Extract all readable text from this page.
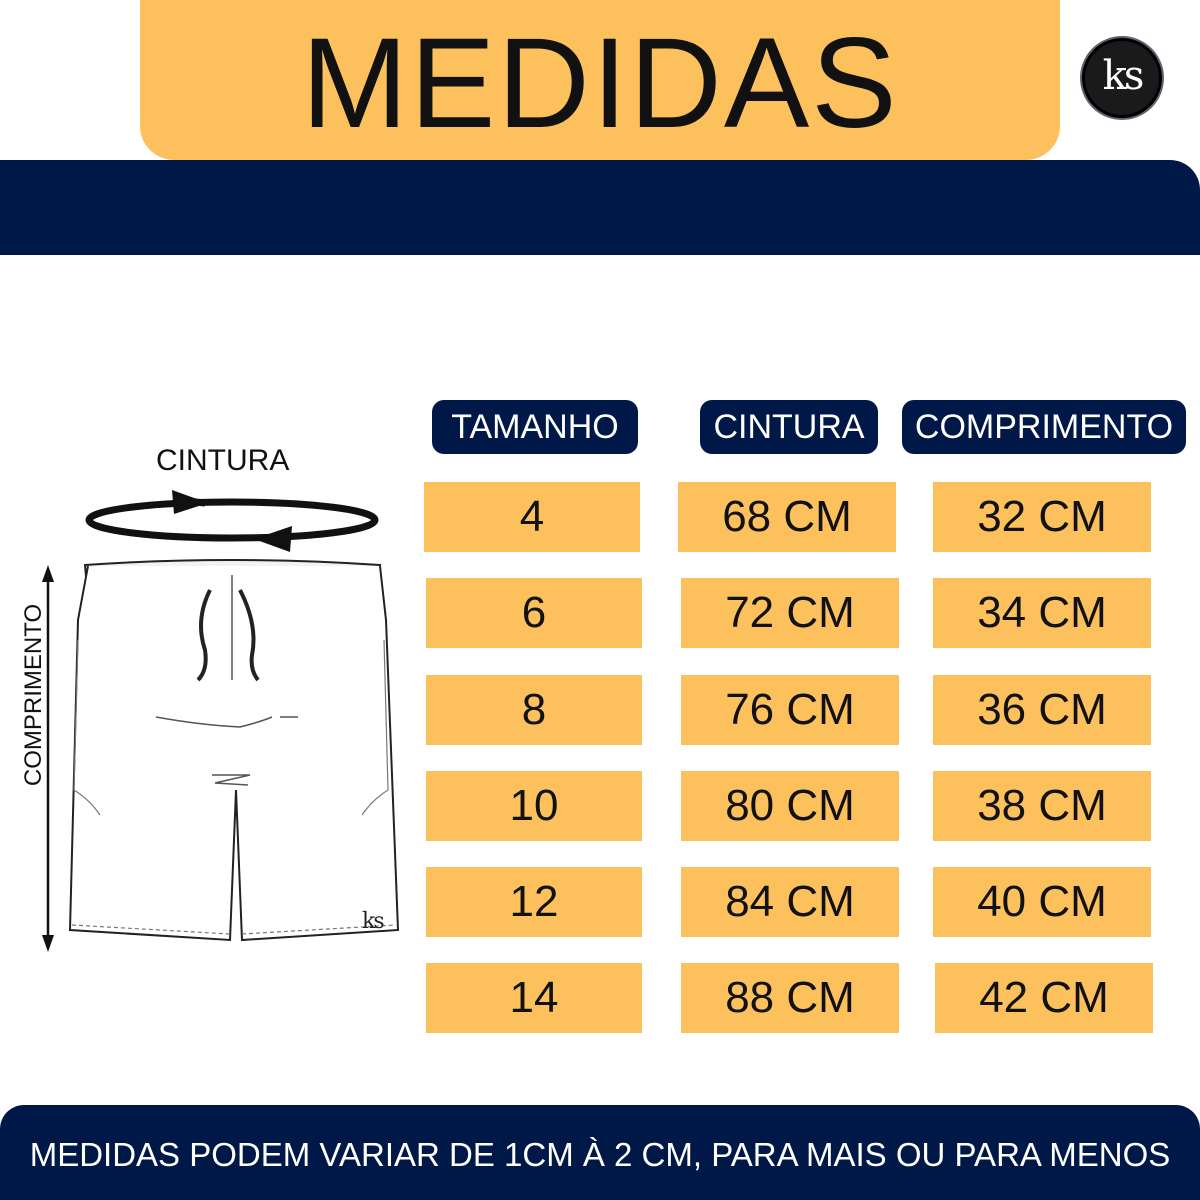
MEDIDAS	ks
CINTURA
COMPRIMENTO
ks
TAMANHO	CINTURA	COMPRIMENTO
4	68 CM	32 CM
6	72 CM	34 CM
8	76 CM	36 CM
10	80 CM	38 CM
12	84 CM	40 CM
14	88 CM	42 CM
MEDIDAS PODEM VARIAR DE 1CM À 2 CM, PARA MAIS OU PARA MENOS
